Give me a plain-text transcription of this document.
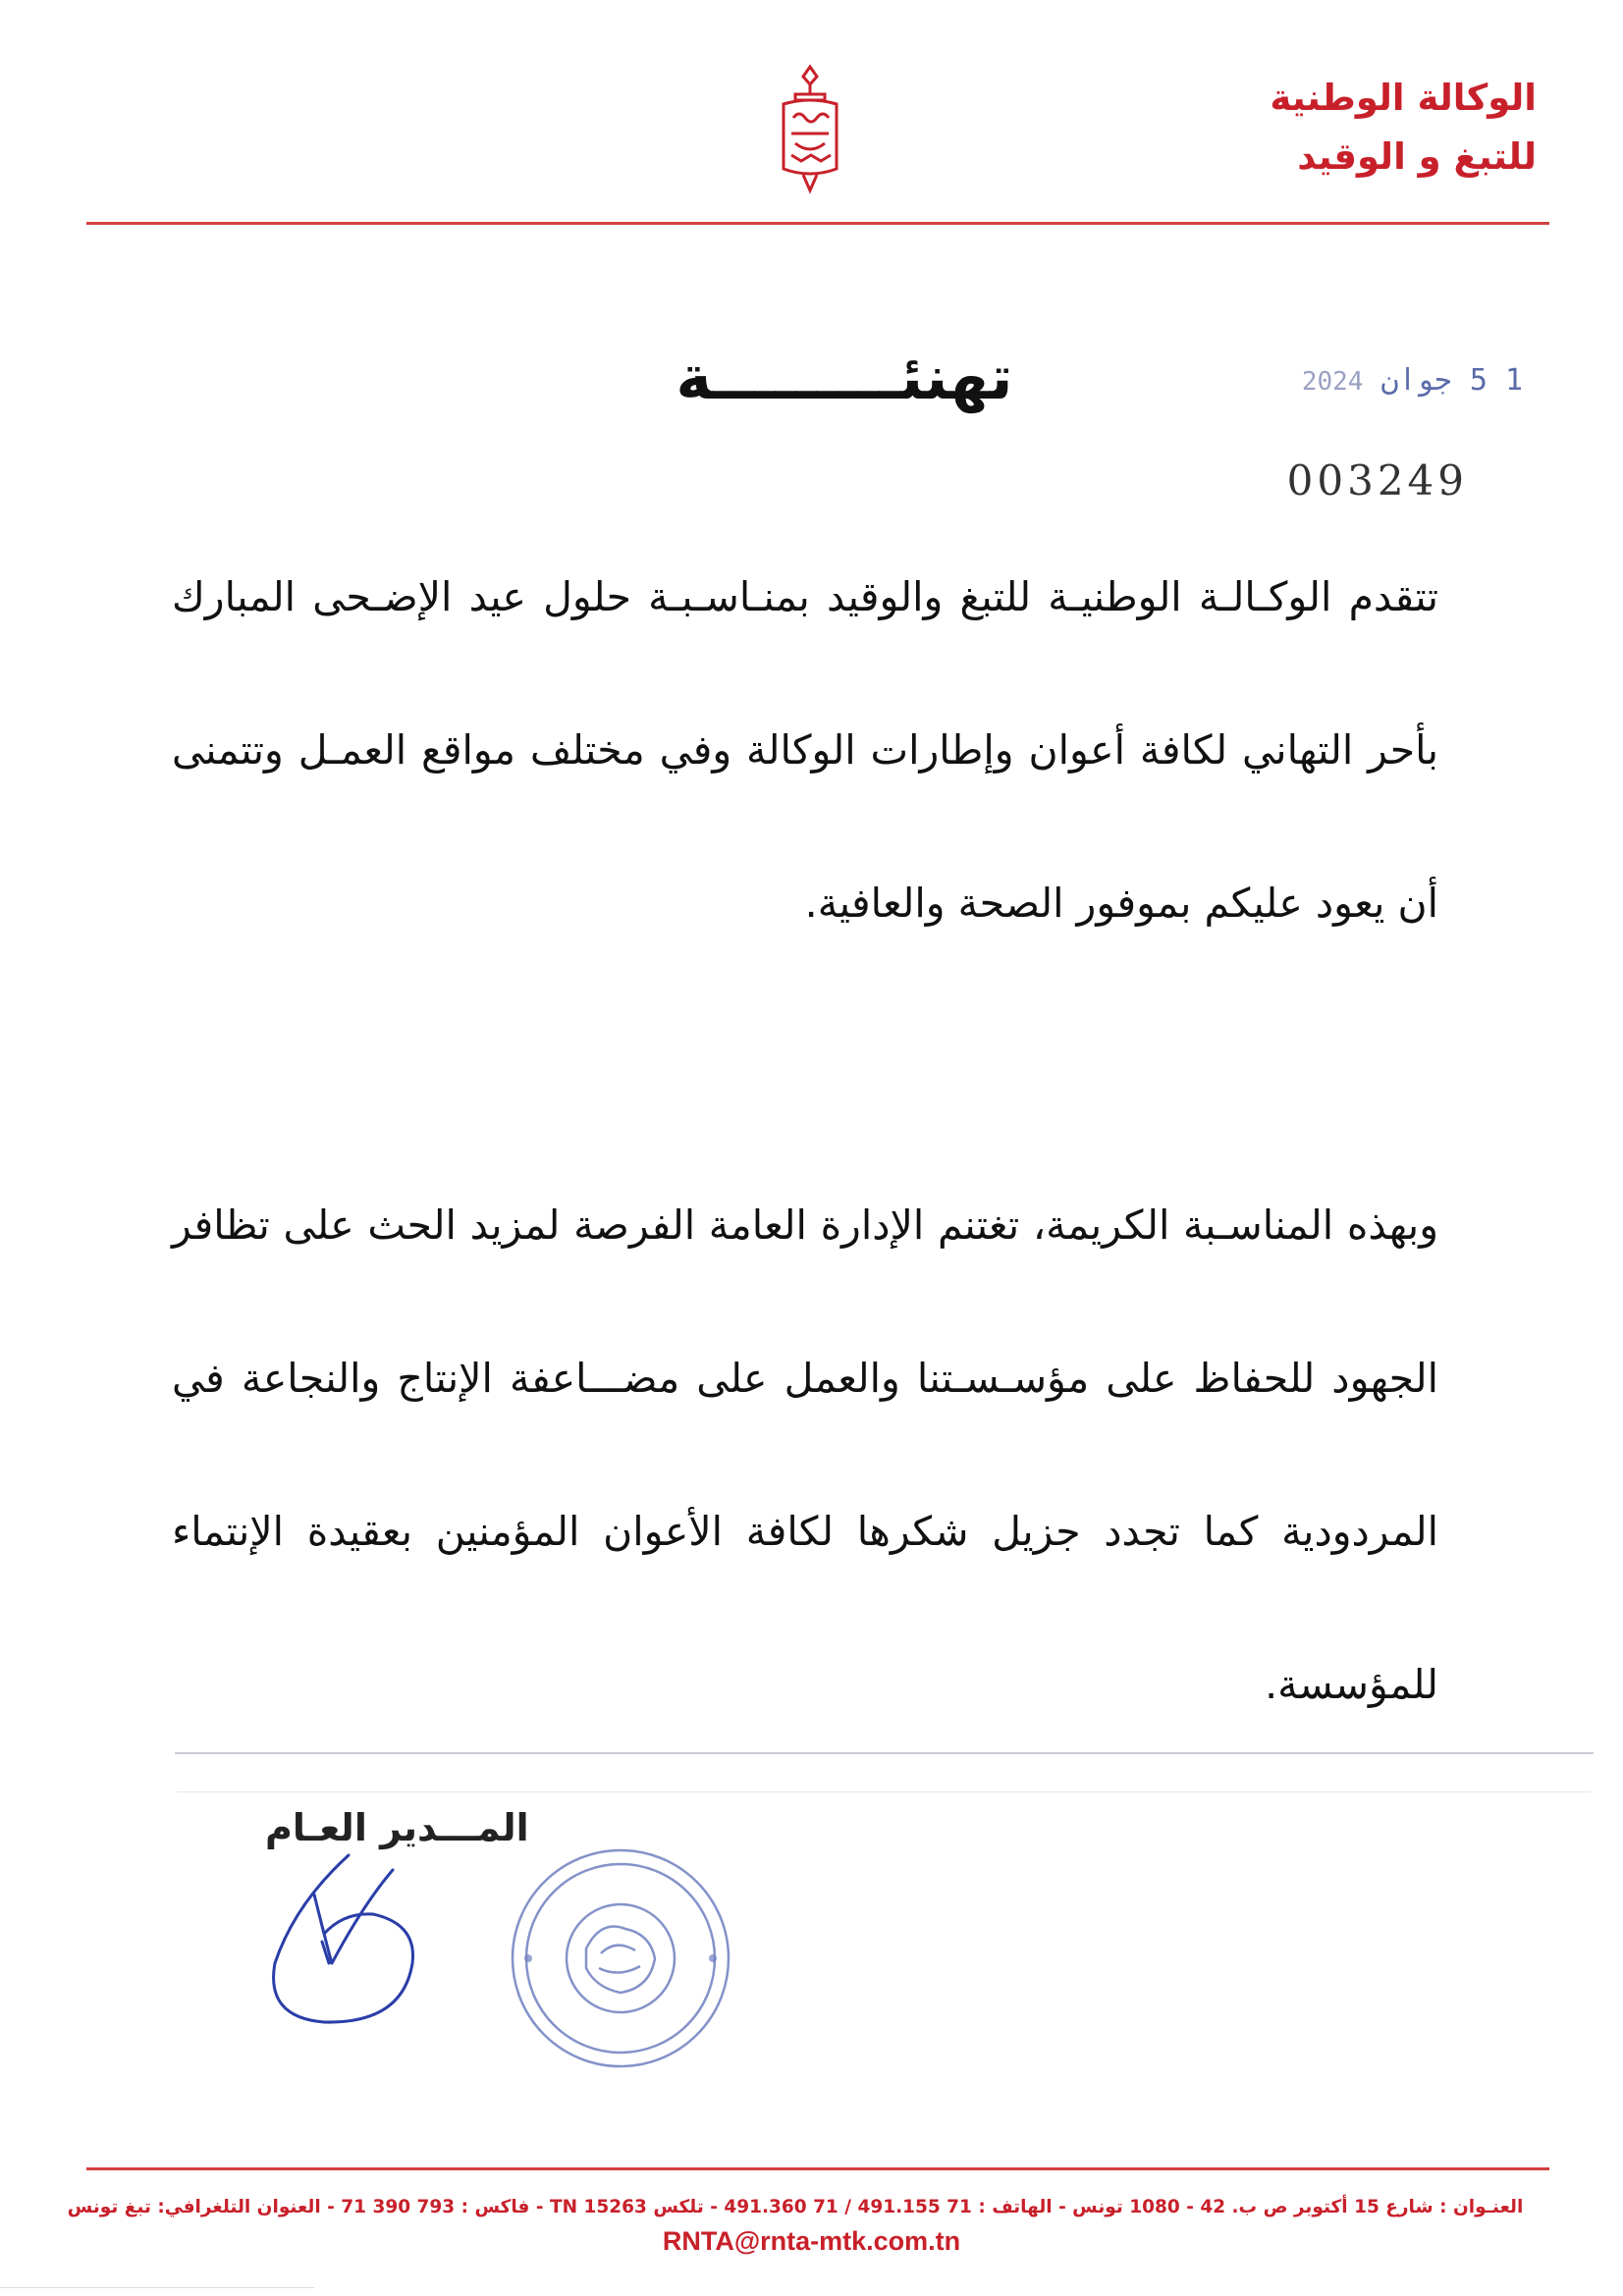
الوكالة الوطنية
للتبغ و الوقيد
تهنئـــــــــة	1 5 جوان 2024
003249
تتقدم الوكـالـة الوطنيـة للتبغ والوقيد بمنـاسـبـة حلول عيد الإضـحى المبارك بأحر التهاني لكافة أعوان وإطارات الوكالة وفي مختلف مواقع العمـل وتتمنى أن يعود عليكم بموفور الصحة والعافية.
وبهذه المناسـبة الكريمة، تغتنم الإدارة العامة الفرصة لمزيد الحث على تظافر الجهود للحفاظ على مؤسـسـتنا والعمل على مضـــاعفة الإنتاج والنجاعة في المردودية كما تجدد جزيل شكرها لكافة الأعوان المؤمنين بعقيدة الإنتماء للمؤسسة.
المـــدير العـام
العنـوان : شارع 15 أكتوبر ص ب. 42 - 1080 تونس - الهاتف : 71 491.155 / 71 491.360 - تلكس 15263 TN - فاكس : 793 390 71 - العنوان التلغرافي: تبغ تونس
RNTA@rnta-mtk.com.tn
